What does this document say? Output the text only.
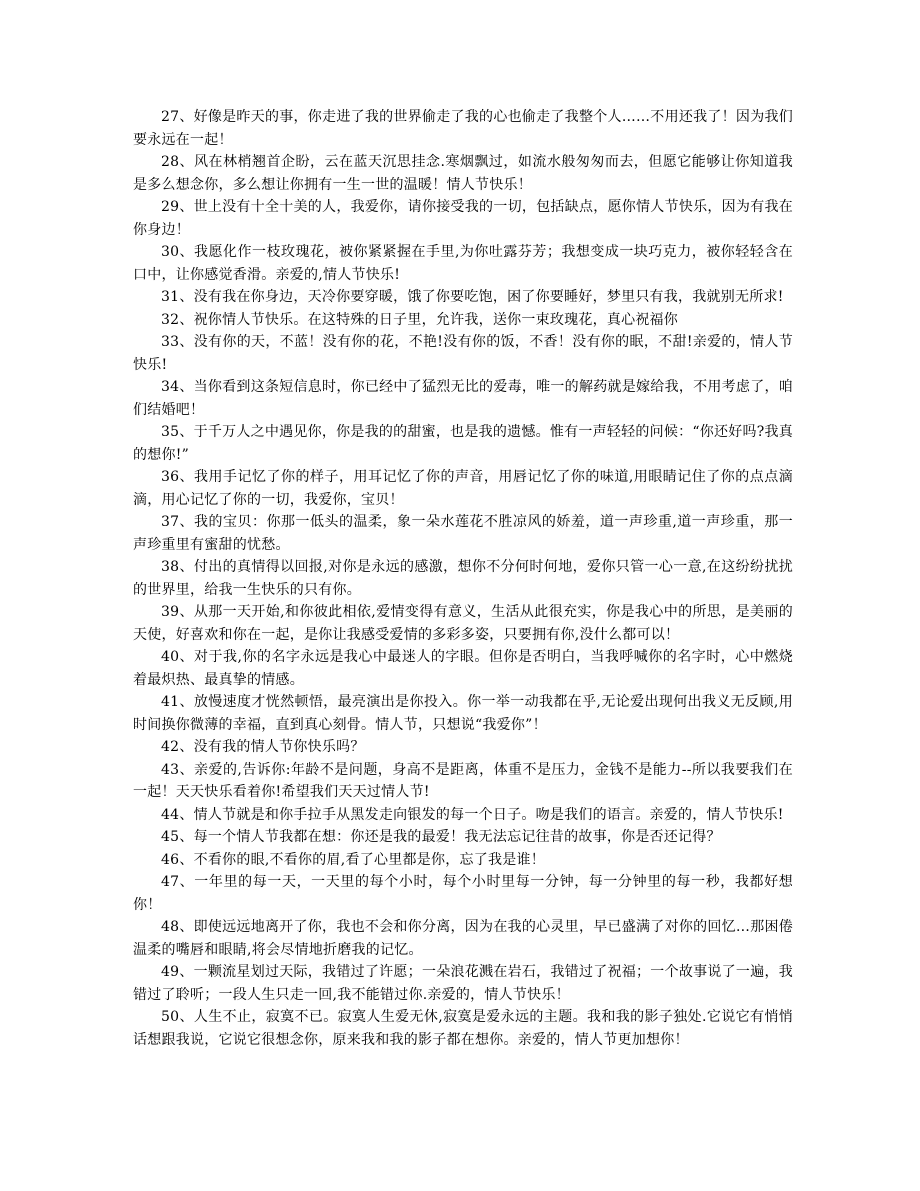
27、好像是昨天的事，你走进了我的世界偷走了我的心也偷走了我整个人……不用还我了！因为我们要永远在一起！

28、风在林梢翘首企盼，云在蓝天沉思挂念.寒烟飘过，如流水般匆匆而去，但愿它能够让你知道我是多么想念你，多么想让你拥有一生一世的温暖！情人节快乐！

29、世上没有十全十美的人，我爱你，请你接受我的一切，包括缺点，愿你情人节快乐，因为有我在你身边！

30、我愿化作一枝玫瑰花，被你紧紧握在手里,为你吐露芬芳；我想变成一块巧克力，被你轻轻含在口中，让你感觉香滑。亲爱的,情人节快乐!

31、没有我在你身边，天冷你要穿暖，饿了你要吃饱，困了你要睡好，梦里只有我，我就别无所求!

32、祝你情人节快乐。在这特殊的日子里，允许我，送你一束玫瑰花，真心祝福你

33、没有你的天，不蓝！没有你的花，不艳!没有你的饭，不香！没有你的眠，不甜!亲爱的，情人节快乐!

34、当你看到这条短信息时，你已经中了猛烈无比的爱毒，唯一的解药就是嫁给我，不用考虑了，咱们结婚吧！

35、于千万人之中遇见你，你是我的的甜蜜，也是我的遗憾。惟有一声轻轻的问候：“你还好吗?我真的想你!”

36、我用手记忆了你的样子，用耳记忆了你的声音，用唇记忆了你的味道,用眼睛记住了你的点点滴滴，用心记忆了你的一切，我爱你，宝贝！

37、我的宝贝：你那一低头的温柔，象一朵水莲花不胜凉风的娇羞，道一声珍重,道一声珍重，那一声珍重里有蜜甜的忧愁。

38、付出的真情得以回报,对你是永远的感激，想你不分何时何地，爱你只管一心一意,在这纷纷扰扰的世界里，给我一生快乐的只有你。

39、从那一天开始,和你彼此相依,爱情变得有意义，生活从此很充实，你是我心中的所思，是美丽的天使，好喜欢和你在一起，是你让我感受爱情的多彩多姿，只要拥有你,没什么都可以！

40、对于我,你的名字永远是我心中最迷人的字眼。但你是否明白，当我呼喊你的名字时，心中燃烧着最炽热、最真挚的情感。

41、放慢速度才恍然顿悟，最亮演出是你投入。你一举一动我都在乎,无论爱出现何出我义无反顾,用时间换你微薄的幸福，直到真心刻骨。情人节，只想说“我爱你”！

42、没有我的情人节你快乐吗？

43、亲爱的,告诉你:年龄不是问题，身高不是距离，体重不是压力，金钱不是能力--所以我要我们在一起！天天快乐看着你!希望我们天天过情人节!

44、情人节就是和你手拉手从黑发走向银发的每一个日子。吻是我们的语言。亲爱的，情人节快乐!

45、每一个情人节我都在想：你还是我的最爱！我无法忘记往昔的故事，你是否还记得？

46、不看你的眼,不看你的眉,看了心里都是你，忘了我是谁！

47、一年里的每一天，一天里的每个小时，每个小时里每一分钟，每一分钟里的每一秒，我都好想你！

48、即使远远地离开了你，我也不会和你分离，因为在我的心灵里，早已盛满了对你的回忆…那困倦温柔的嘴唇和眼睛,将会尽情地折磨我的记忆。

49、一颗流星划过天际，我错过了许愿；一朵浪花溅在岩石，我错过了祝福；一个故事说了一遍，我错过了聆听；一段人生只走一回,我不能错过你.亲爱的，情人节快乐！

50、人生不止，寂寞不已。寂寞人生爱无休,寂寞是爱永远的主题。我和我的影子独处.它说它有悄悄话想跟我说，它说它很想念你，原来我和我的影子都在想你。亲爱的，情人节更加想你！
